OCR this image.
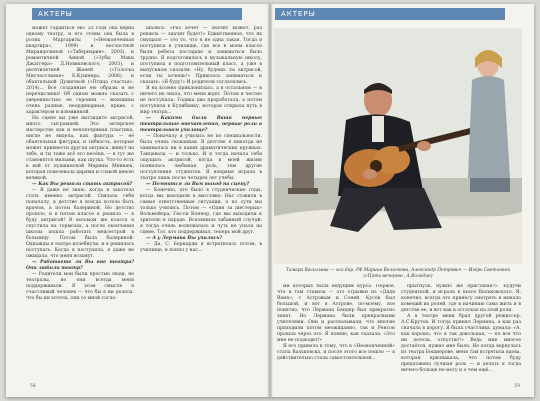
АКТЕРЫ

может гордиться ею: 33 года она верна одному театру, и его стены она была в ролях Маргариты («Неоконченная квартира», 1999) и несчастной Мирандолиной («Табернарии», 2003), и романтичной Анной («Зубы Маки Джаггера» Д.Новиковского, 2003), и десятилетней Женей («Голоска Мисчастливая» Б.Кушнера, 2008), и обаятельной Душечкой («Птица счастья», 2014)... Все созданные ею образы и не перечислишь! Об одном можно сказать с уверенностью: ее героини — женщины очень разные, неординарные, яркие, с характером и изюминкой.

На сцене вы уже выглядите актрисой, много сыгравшей. Это актерское мастерство как и неповторимая пластика, нигде не видела, как фактура — её обаятельная фигурка, и гибкость, которые может привнести другая актриса, живут на тебе, и ты тоже всё это несёшь — в тут же становятся милыми, как шутка. Что-то есть в вей от пушкинской Марины Мнишек, которая повелевала царями и славой ценою великой.

— Как Вы решили стать актрисой?

— Я даже не знаю, когда я захотела стать именно актрисой. Связала себя поначалу, в детстве я всегда хотела быть врачом, а потом балериной. Но детство прошло, и в пятом классе я решила — я буду актрисой! В восьмом же классе я спустила на тормозах, а после окончания школы пошла работать медсестрой в больницу. Потом была балериной. Однажды в театре колебнули, и я решилась поступать. Когда я поступила, я даже не ожидала, что меня возьмут.

— Работаете ли Вы вне театра? Они любили театр?

— Родители мои были простые люди, не театралы, но они всегда меня поддерживали. В этом смысле я счастливый человек — что бы я ни делала, что бы ни хотела, они со мной согла-

шались: «Раз хочет — значит может, раз решила — значит будет!» Единственное, что их смущало — это то, что я не одна такая. Тогда я поступила в училище, где все в моем классе были ребята постарше и заниматься было трудно. Я подготовилась в музыкальную школу, поступила в подготовительный класс, а уже в выпускном сказали: «Ну, будешь ты актрисой, если ты хочешь!» Пришлось заниматься и сказать: «Я буду!» И родители согласились.

Я на колено приклонилась, а в остальном — я ничего не знала, что меня ждет. Потом я честно не поступала: Годика два проработала, а потом поступила в Кулибинку, которая открыла путь в мир театра...

— Какими были Ваши первые театральные впечатления, первые роли в театральном училище?

— Поначалу я училась не по специальности, была очень скованная. В детстве я никогда не занималась ни в каких драматических кружках. Танцевала — и только. И я тогда начала себя ощущать актрисой, когда в моей жизни появилась любимая роль, тем другие поступления студентов. Я впервые играла в театре лишь после четырех лет учебы.

— Помнится ли Вам выход на сцену?

— Конечно, это было в студенческие годы, когда мы выходили в массовке. Нас ставили в самые ответственные ситуации, а по сути мы только учились. Потом — «Один за шестерых» Вольмейера, Гюсси Коннор, где мы выходили к зрителю в параде. Вспомнила забавный случай: я тогда очень волновалась и чуть не упала на сцене. Тот, кто поддерживал, теперь мой друг.

— А у Лермана Вы учились?

— Да, С. Бернарди я встретилась потом, в училище, и понял у нас...

58
АКТЕРЫ
Тамара Васильева — хоз.дир. РФ Марина Величкова, Александр Петрович — Игорь Светловой («Пять вечеров», А.Володин)

ми которых была ведущим курса. Первое, что я там ставила — это отрывки из «Дядя Ваня», с Астровым и Соней. Кусок был большой, и вот в Астрове, по-моему, все понятно, что Лермана Бендер был прекрасно занят. Но Лермана были прекрасными учителями. Они и рассказывали, что многие приходили потом неожиданно, так и Ренсон прошла через это. Я помню, как сказала: «Это мне не подходит!»

Я его привела к тому, что в «Неоконченной» стала Вальковска, и после этого все пошло — я действительно стала самостоятельной...

прыгнула, нужно же приставая?». Будучи студенткой, я играла в пьесе Вальковского. Я, конечно, всегда это принесу смотреть в немало комедий их ролей, где я начинаю сама жить и в детстве ее, и вот как в остатках на этой роли.

А в театре меня брал другой режиссер, А.С.Крутов. И тогда принял Лермана, а как раз сначала в дорогу. Я была счастлива, думала: «А, как хорошо, что я так довольная, — по все что ни хотела, отпустит!» Ведь мне многое достаётся, нужно мне было. Но когда вернулась из театра Бешнерове, меня там встретила вдова, которая признавала, что потом буду предложена лучшая роль — и делать я тогда ничего больше не могу и о чем ещё...

59
